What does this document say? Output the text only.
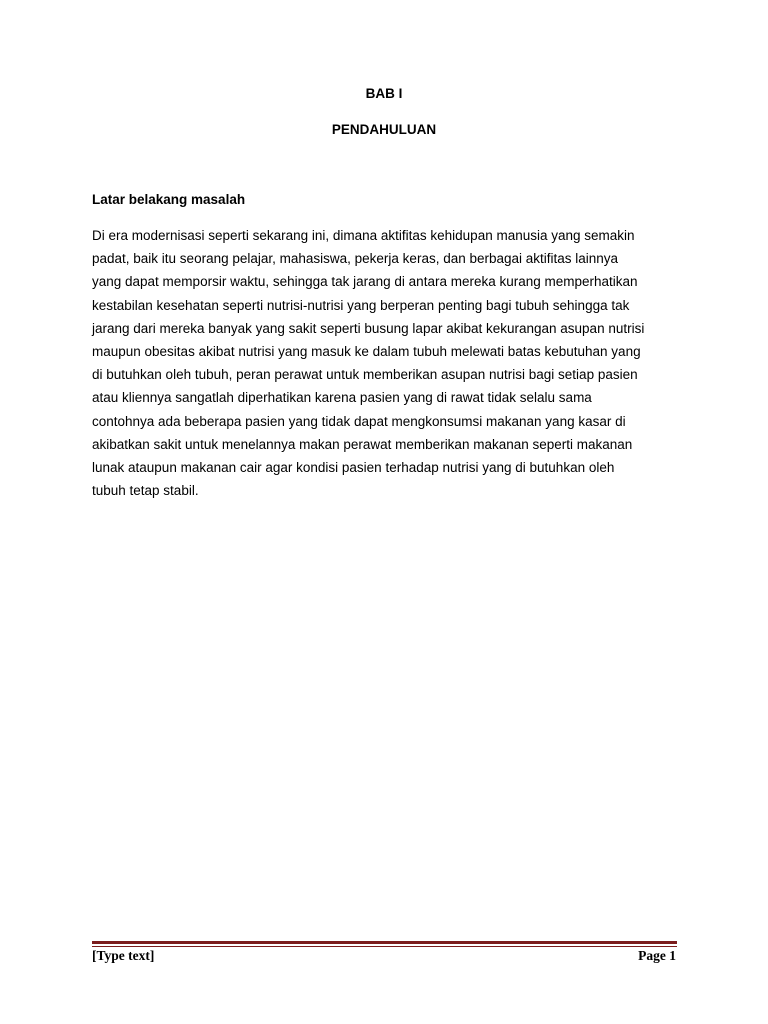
BAB I
PENDAHULUAN
Latar belakang masalah
Di era modernisasi seperti sekarang ini, dimana aktifitas kehidupan manusia yang semakin
padat, baik itu seorang pelajar, mahasiswa, pekerja keras, dan berbagai aktifitas lainnya
yang dapat memporsir waktu, sehingga tak jarang di antara mereka kurang memperhatikan
kestabilan kesehatan seperti nutrisi-nutrisi yang berperan penting bagi tubuh sehingga tak
jarang dari mereka banyak yang sakit seperti busung lapar akibat kekurangan asupan nutrisi
maupun obesitas akibat nutrisi yang masuk ke dalam tubuh melewati batas kebutuhan yang
di butuhkan oleh tubuh, peran perawat untuk memberikan asupan nutrisi bagi setiap pasien
atau kliennya sangatlah diperhatikan karena pasien yang di rawat tidak selalu sama
contohnya ada beberapa pasien yang tidak dapat mengkonsumsi makanan yang kasar di
akibatkan sakit untuk menelannya makan perawat memberikan makanan seperti makanan
lunak ataupun makanan cair agar kondisi pasien terhadap nutrisi yang di butuhkan oleh
tubuh tetap stabil.
[Type text]	Page 1
